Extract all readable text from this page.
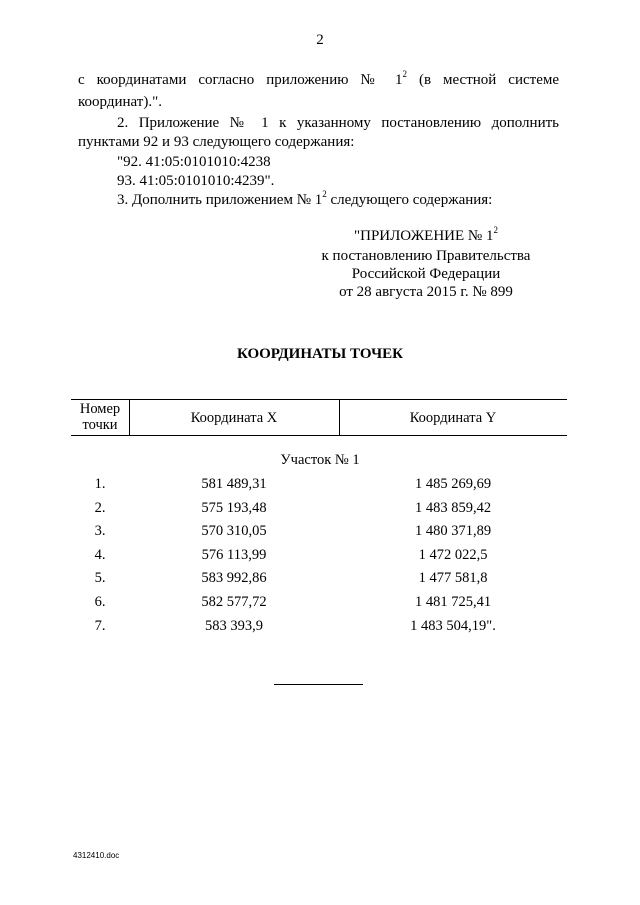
2
с координатами согласно приложению № $1^2$ (в местной системе
координат).".
2. Приложение № 1 к указанному постановлению дополнить
пунктами 92 и 93 следующего содержания:
"92. 41:05:0101010:4238
93. 41:05:0101010:4239".
3. Дополнить приложением № $1^2$ следующего содержания:
"ПРИЛОЖЕНИЕ № $1^2$
к постановлению Правительства
Российской Федерации
от 28 августа 2015 г. № 899
КООРДИНАТЫ ТОЧЕК
Номер
точки	Координата X	Координата Y
Участок № 1
1.	581 489,31	1 485 269,69
2.	575 193,48	1 483 859,42
3.	570 310,05	1 480 371,89
4.	576 113,99	1 472 022,5
5.	583 992,86	1 477 581,8
6.	582 577,72	1 481 725,41
7.	583 393,9	1 483 504,19".
4312410.doc
